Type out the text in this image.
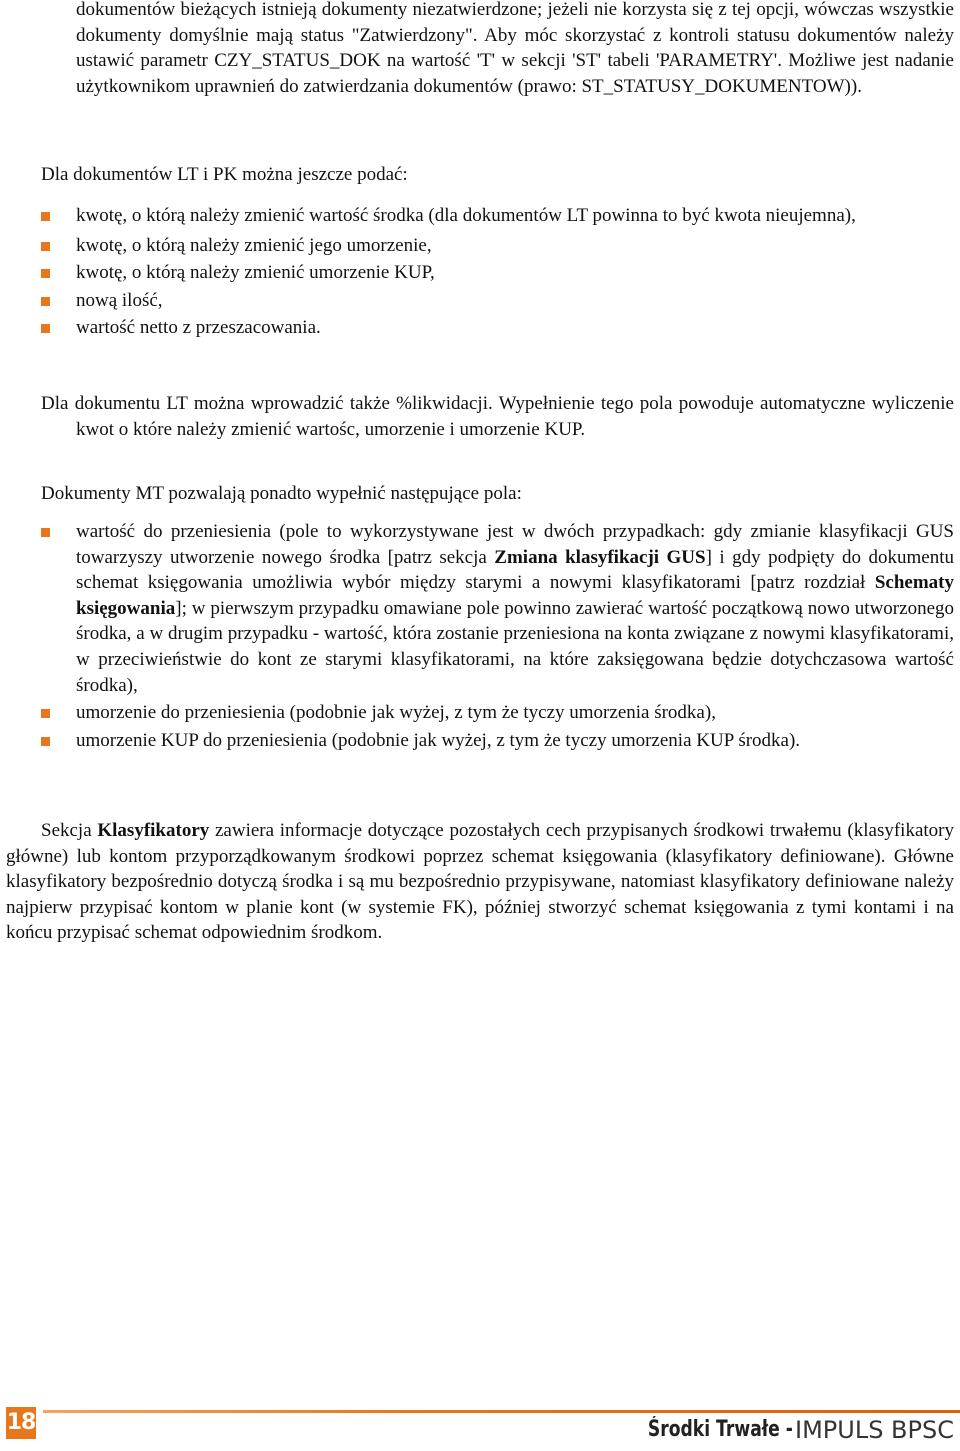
dokumentów bieżących istnieją dokumenty niezatwierdzone; jeżeli nie korzysta się z tej opcji, wówczas wszystkie dokumenty domyślnie mają status "Zatwierdzony". Aby móc skorzystać z kontroli statusu dokumentów należy ustawić parametr CZY_STATUS_DOK na wartość 'T' w sekcji 'ST' tabeli 'PARAMETRY'. Możliwe jest nadanie użytkownikom uprawnień do zatwierdzania dokumentów (prawo: ST_STATUSY_DOKUMENTOW)).

Dla dokumentów LT i PK można jeszcze podać:

kwotę, o którą należy zmienić wartość środka (dla dokumentów LT powinna to być kwota nieujemna),
kwotę, o którą należy zmienić jego umorzenie,
kwotę, o którą należy zmienić umorzenie KUP,
nową ilość,
wartość netto z przeszacowania.

Dla dokumentu LT można wprowadzić także %likwidacji. Wypełnienie tego pola powoduje automatyczne wyliczenie kwot o które należy zmienić wartośc, umorzenie i umorzenie KUP.

Dokumenty MT pozwalają ponadto wypełnić następujące pola:

wartość do przeniesienia (pole to wykorzystywane jest w dwóch przypadkach: gdy zmianie klasyfikacji GUS towarzyszy utworzenie nowego środka [patrz sekcja Zmiana klasyfikacji GUS] i gdy podpięty do dokumentu schemat księgowania umożliwia wybór między starymi a nowymi klasyfikatorami [patrz rozdział Schematy księgowania]; w pierwszym przypadku omawiane pole powinno zawierać wartość początkową nowo utworzonego środka, a w drugim przypadku - wartość, która zostanie przeniesiona na konta związane z nowymi klasyfikatorami, w przeciwieństwie do kont ze starymi klasyfikatorami, na które zaksięgowana będzie dotychczasowa wartość środka),
umorzenie do przeniesienia (podobnie jak wyżej, z tym że tyczy umorzenia środka),
umorzenie KUP do przeniesienia (podobnie jak wyżej, z tym że tyczy umorzenia KUP środka).

Sekcja Klasyfikatory zawiera informacje dotyczące pozostałych cech przypisanych środkowi trwałemu (klasyfikatory główne) lub kontom przyporządkowanym środkowi poprzez schemat księgowania (klasyfikatory definiowane). Główne klasyfikatory bezpośrednio dotyczą środka i są mu bezpośrednio przypisywane, natomiast klasyfikatory definiowane należy najpierw przypisać kontom w planie kont (w systemie FK), później stworzyć schemat księgowania z tymi kontami i na końcu przypisać schemat odpowiednim środkom.

18	Środki Trwałe - IMPULS BPSC
